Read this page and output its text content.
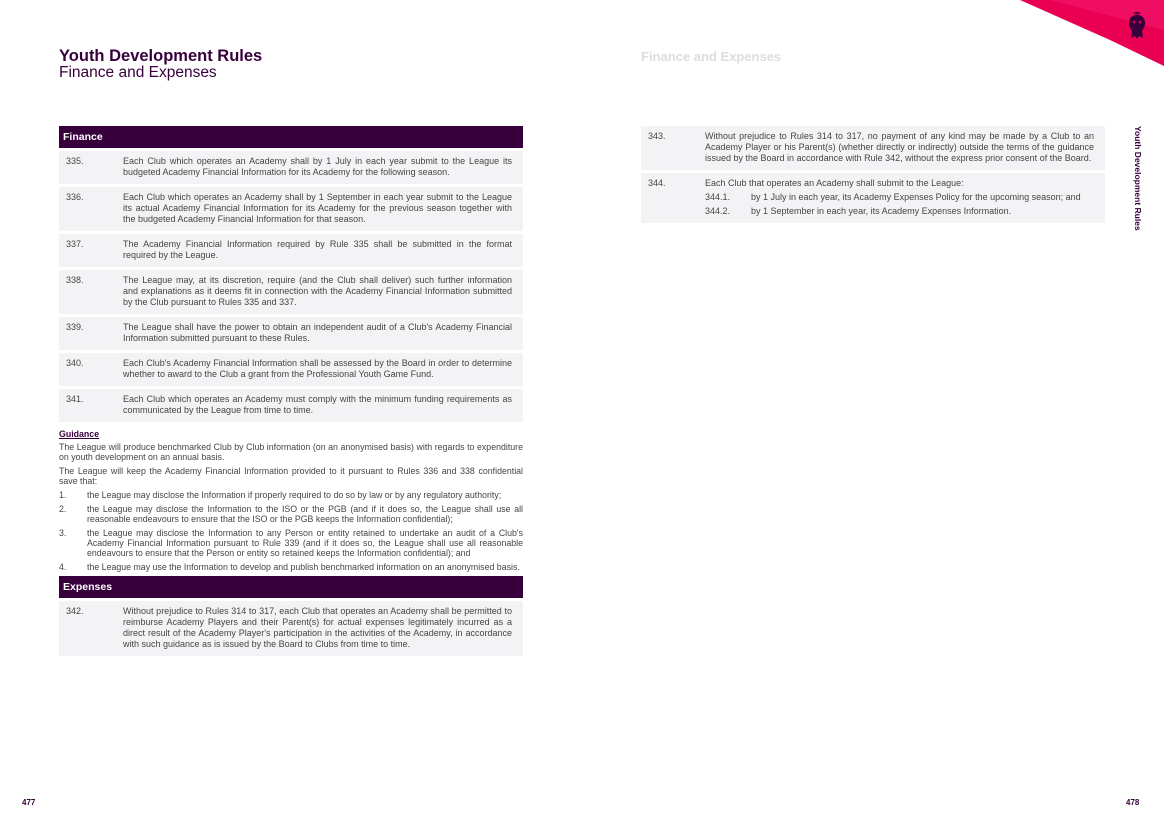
Youth Development Rules
Finance and Expenses
Finance and Expenses
Youth Development Rules
Finance
335.	Each Club which operates an Academy shall by 1 July in each year submit to the League its budgeted Academy Financial Information for its Academy for the following season.
336.	Each Club which operates an Academy shall by 1 September in each year submit to the League its actual Academy Financial Information for its Academy for the previous season together with the budgeted Academy Financial Information for that season.
337.	The Academy Financial Information required by Rule 335 shall be submitted in the format required by the League.
338.	The League may, at its discretion, require (and the Club shall deliver) such further information and explanations as it deems fit in connection with the Academy Financial Information submitted by the Club pursuant to Rules 335 and 337.
339.	The League shall have the power to obtain an independent audit of a Club's Academy Financial Information submitted pursuant to these Rules.
340.	Each Club's Academy Financial Information shall be assessed by the Board in order to determine whether to award to the Club a grant from the Professional Youth Game Fund.
341.	Each Club which operates an Academy must comply with the minimum funding requirements as communicated by the League from time to time.
Guidance
The League will produce benchmarked Club by Club information (on an anonymised basis) with regards to expenditure on youth development on an annual basis.
The League will keep the Academy Financial Information provided to it pursuant to Rules 336 and 338 confidential save that:
1.	the League may disclose the Information if properly required to do so by law or by any regulatory authority;
2.	the League may disclose the Information to the ISO or the PGB (and if it does so, the League shall use all reasonable endeavours to ensure that the ISO or the PGB keeps the Information confidential);
3.	the League may disclose the Information to any Person or entity retained to undertake an audit of a Club's Academy Financial Information pursuant to Rule 339 (and if it does so, the League shall use all reasonable endeavours to ensure that the Person or entity so retained keeps the Information confidential); and
4.	the League may use the Information to develop and publish benchmarked information on an anonymised basis.
Expenses
342.	Without prejudice to Rules 314 to 317, each Club that operates an Academy shall be permitted to reimburse Academy Players and their Parent(s) for actual expenses legitimately incurred as a direct result of the Academy Player's participation in the activities of the Academy, in accordance with such guidance as is issued by the Board to Clubs from time to time.
343.	Without prejudice to Rules 314 to 317, no payment of any kind may be made by a Club to an Academy Player or his Parent(s) (whether directly or indirectly) outside the terms of the guidance issued by the Board in accordance with Rule 342, without the express prior consent of the Board.
344.	Each Club that operates an Academy shall submit to the League:
344.1.	by 1 July in each year, its Academy Expenses Policy for the upcoming season; and
344.2.	by 1 September in each year, its Academy Expenses Information.
477	478
